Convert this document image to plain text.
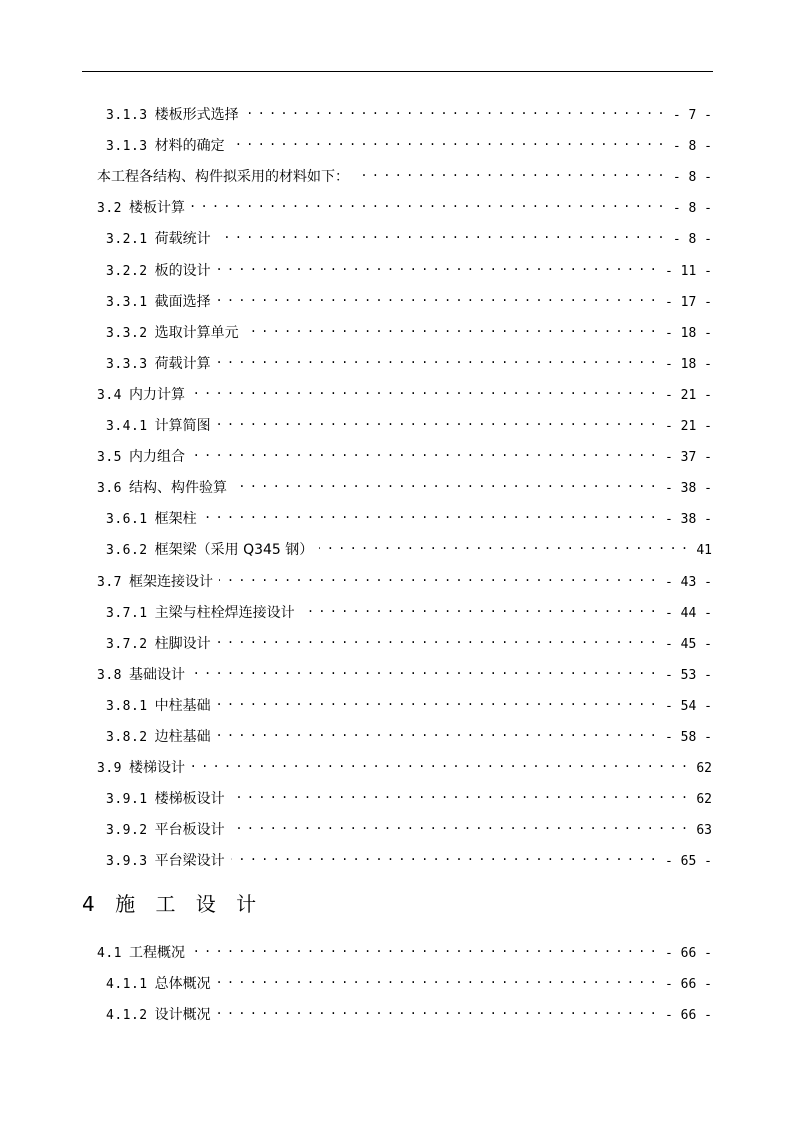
3.1.3 楼板形式选择 .....	- 7 -
3.1.3 材料的确定 .....	- 8 -
本工程各结构、构件拟采用的材料如下： .....	- 8 -
3.2 楼板计算 .....	- 8 -
3.2.1 荷载统计 .....	- 8 -
3.2.2 板的设计 .....	- 11 -
3.3.1 截面选择 .....	- 17 -
3.3.2 选取计算单元 .....	- 18 -
3.3.3 荷载计算 .....	- 18 -
3.4 内力计算 .....	- 21 -
3.4.1 计算简图 .....	- 21 -
3.5 内力组合 .....	- 37 -
3.6 结构、构件验算 .....	- 38 -
3.6.1 框架柱 .....	- 38 -
3.6.2 框架梁（采用 Q345 钢） .....	41
3.7 框架连接设计 .....	- 43 -
3.7.1 主梁与柱栓焊连接设计 .....	- 44 -
3.7.2 柱脚设计 .....	- 45 -
3.8 基础设计 .....	- 53 -
3.8.1 中柱基础 .....	- 54 -
3.8.2 边柱基础 .....	- 58 -
3.9 楼梯设计 .....	62
3.9.1 楼梯板设计 .....	62
3.9.2 平台板设计 .....	63
3.9.3 平台梁设计 .....	- 65 -
4.1 工程概况 .....	- 66 -
4.1.1 总体概况 .....	- 66 -
4.1.2 设计概况 .....	- 66 -
4 施 工 设 计
